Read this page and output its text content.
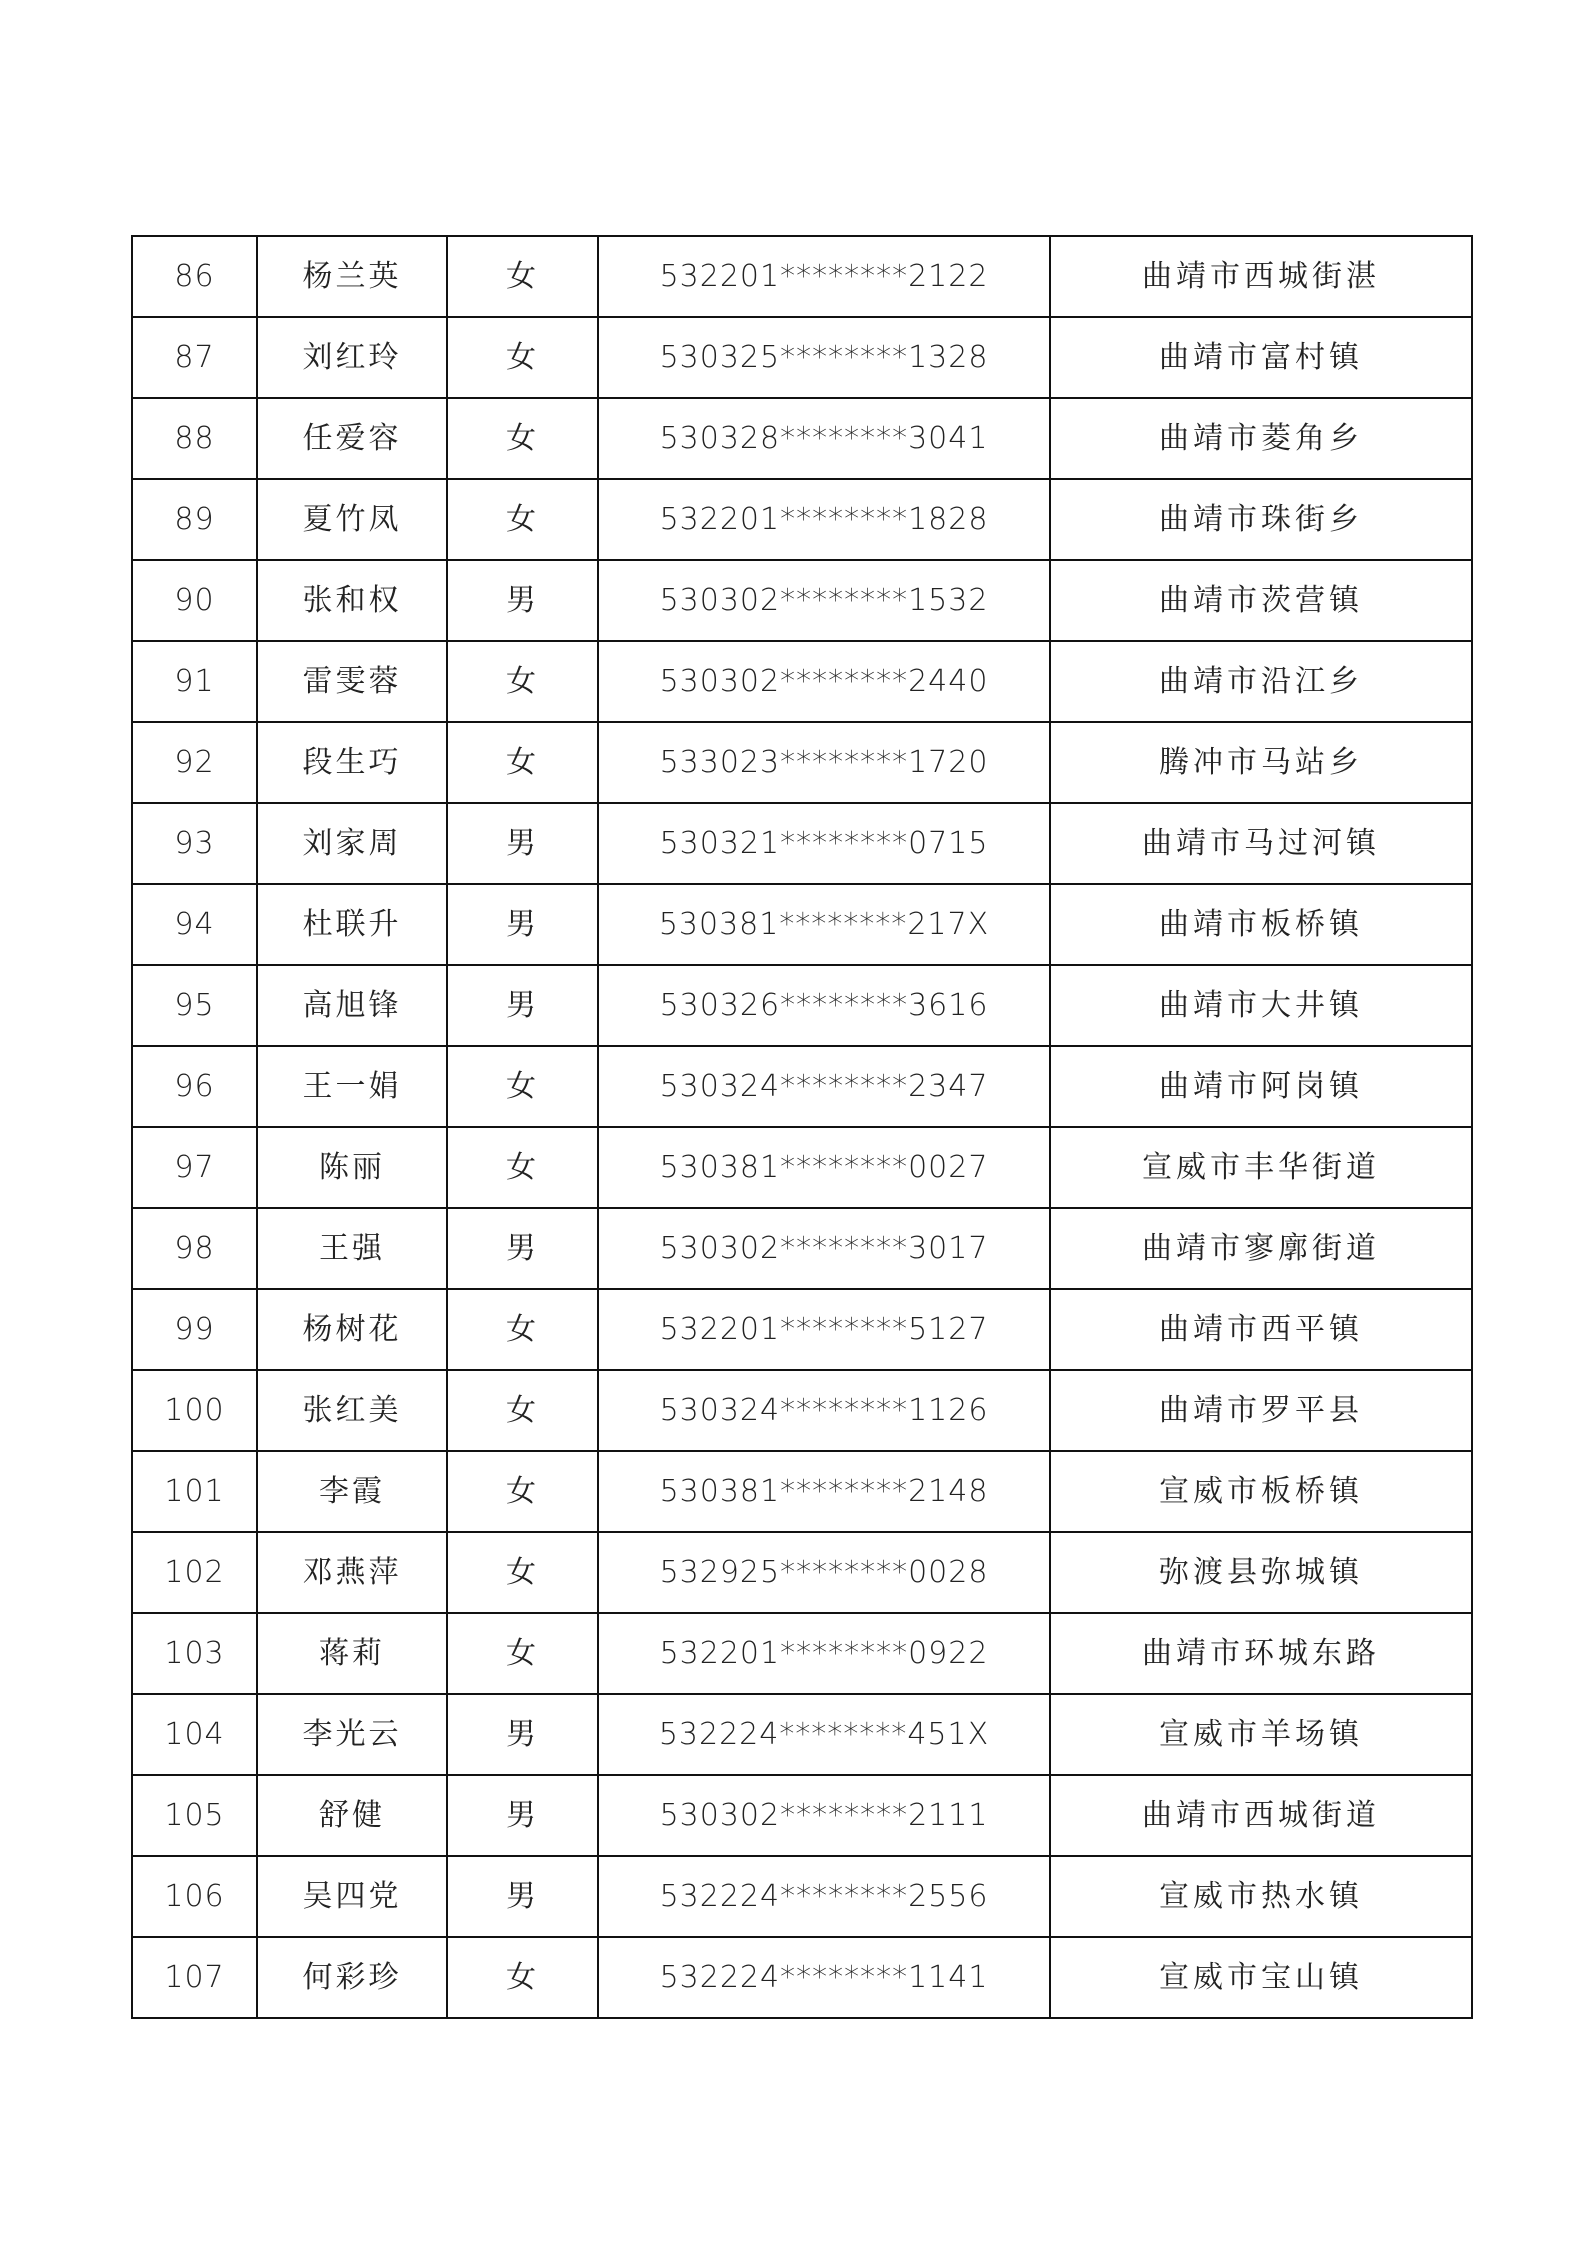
86	杨兰英	女	532201********2122	曲靖市西城街湛
87	刘红玲	女	530325********1328	曲靖市富村镇
88	任爱容	女	530328********3041	曲靖市菱角乡
89	夏竹凤	女	532201********1828	曲靖市珠街乡
90	张和权	男	530302********1532	曲靖市茨营镇
91	雷雯蓉	女	530302********2440	曲靖市沿江乡
92	段生巧	女	533023********1720	腾冲市马站乡
93	刘家周	男	530321********0715	曲靖市马过河镇
94	杜联升	男	530381********217X	曲靖市板桥镇
95	高旭锋	男	530326********3616	曲靖市大井镇
96	王一娟	女	530324********2347	曲靖市阿岗镇
97	陈丽	女	530381********0027	宣威市丰华街道
98	王强	男	530302********3017	曲靖市寥廓街道
99	杨树花	女	532201********5127	曲靖市西平镇
100	张红美	女	530324********1126	曲靖市罗平县
101	李霞	女	530381********2148	宣威市板桥镇
102	邓燕萍	女	532925********0028	弥渡县弥城镇
103	蒋莉	女	532201********0922	曲靖市环城东路
104	李光云	男	532224********451X	宣威市羊场镇
105	舒健	男	530302********2111	曲靖市西城街道
106	吴四党	男	532224********2556	宣威市热水镇
107	何彩珍	女	532224********1141	宣威市宝山镇
